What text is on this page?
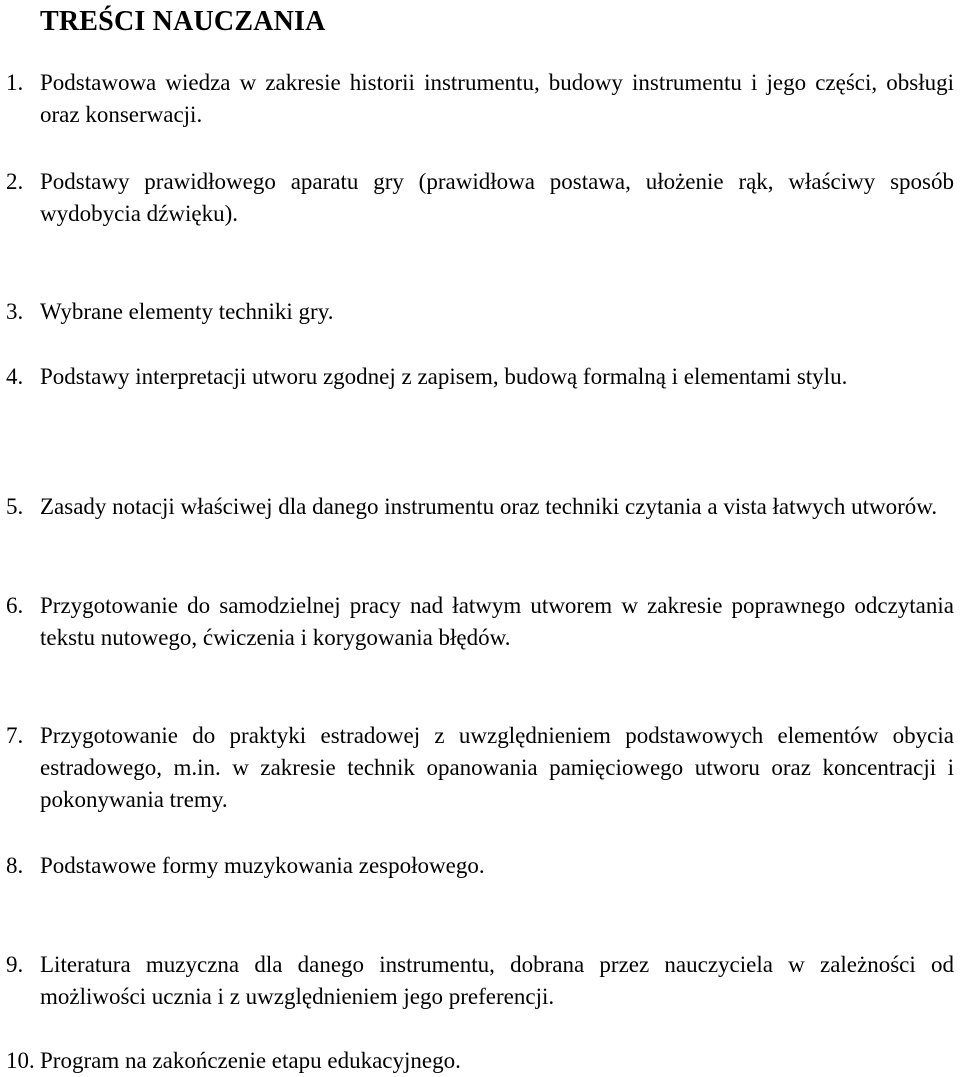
TREŚCI NAUCZANIA
1. Podstawowa wiedza w zakresie historii instrumentu, budowy instrumentu i jego części, obsługi oraz konserwacji.
2. Podstawy prawidłowego aparatu gry (prawidłowa postawa, ułożenie rąk, właściwy sposób wydobycia dźwięku).
3. Wybrane elementy techniki gry.
4. Podstawy interpretacji utworu zgodnej z zapisem, budową formalną i elementami stylu.
5. Zasady notacji właściwej dla danego instrumentu oraz techniki czytania a vista łatwych utworów.
6. Przygotowanie do samodzielnej pracy nad łatwym utworem w zakresie poprawnego odczytania tekstu nutowego, ćwiczenia i korygowania błędów.
7. Przygotowanie do praktyki estradowej z uwzględnieniem podstawowych elementów obycia estradowego, m.in. w zakresie technik opanowania pamięciowego utworu oraz koncentracji i pokonywania tremy.
8. Podstawowe formy muzykowania zespołowego.
9. Literatura muzyczna dla danego instrumentu, dobrana przez nauczyciela w zależności od możliwości ucznia i z uwzględnieniem jego preferencji.
10. Program na zakończenie etapu edukacyjnego.
